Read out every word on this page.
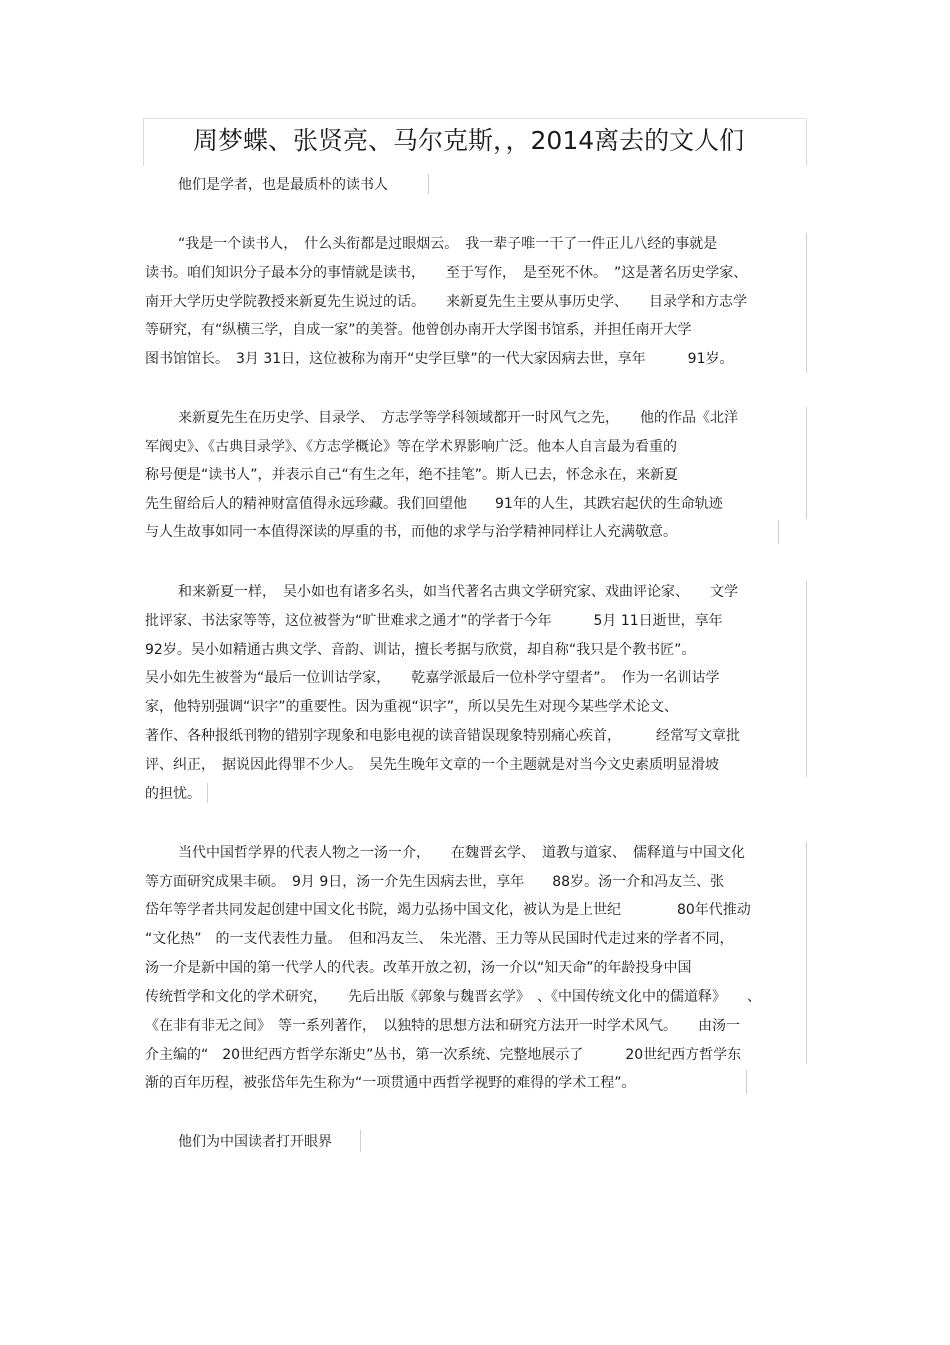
周梦蝶、张贤亮、马尔克斯，，2014离去的文人们

他们是学者，也是最质朴的读书人

“我是一个读书人，　什么头衔都是过眼烟云。　我一辈子唯一干了一件正儿八经的事就是

读书。咱们知识分子最本分的事情就是读书，　　至于写作，　是至死不休。　”这是著名历史学家、

南开大学历史学院教授来新夏先生说过的话。　　来新夏先生主要从事历史学、　　目录学和方志学

等研究，有“纵横三学，自成一家”的美誉。他曾创办南开大学图书馆系，并担任南开大学

图书馆馆长。　3月 31日，这位被称为南开“史学巨擘”的一代大家因病去世，享年　　　91岁。

来新夏先生在历史学、目录学、　方志学等学科领域都开一时风气之先，　　他的作品《北洋

军阀史》、《古典目录学》、《方志学概论》等在学术界影响广泛。他本人自言最为看重的

称号便是“读书人”，并表示自己“有生之年，绝不挂笔”。斯人已去，怀念永在，来新夏

先生留给后人的精神财富值得永远珍藏。我们回望他　　91年的人生，其跌宕起伏的生命轨迹

与人生故事如同一本值得深读的厚重的书，而他的求学与治学精神同样让人充满敬意。

和来新夏一样，　吴小如也有诸多名头，如当代著名古典文学研究家、戏曲评论家、　　文学

批评家、书法家等等，这位被誉为“旷世难求之通才”的学者于今年　　　5月 11日逝世，享年

92岁。吴小如精通古典文学、音韵、训诂，擅长考据与欣赏，却自称“我只是个教书匠”。

吴小如先生被誉为“最后一位训诂学家，　　乾嘉学派最后一位朴学守望者”。　作为一名训诂学

家，他特别强调“识字”的重要性。因为重视“识字”，所以吴先生对现今某些学术论文、

著作、各种报纸刊物的错别字现象和电影电视的读音错误现象特别痛心疾首，　　　经常写文章批

评、纠正，　据说因此得罪不少人。　吴先生晚年文章的一个主题就是对当今文史素质明显滑坡

的担忧。

当代中国哲学界的代表人物之一汤一介，　　在魏晋玄学、　道教与道家、　儒释道与中国文化

等方面研究成果丰硕。　9月 9日，汤一介先生因病去世，享年　　88岁。汤一介和冯友兰、张

岱年等学者共同发起创建中国文化书院，竭力弘扬中国文化，被认为是上世纪　　　　80年代推动

“文化热”　的一支代表性力量。　但和冯友兰、　朱光潜、王力等从民国时代走过来的学者不同，

汤一介是新中国的第一代学人的代表。改革开放之初，汤一介以“知天命”的年龄投身中国

传统哲学和文化的学术研究，　　先后出版《郭象与魏晋玄学》　、《中国传统文化中的儒道释》　　、

《在非有非无之间》　等一系列著作，　以独特的思想方法和研究方法开一时学术风气。　　由汤一

介主编的“　20世纪西方哲学东渐史”丛书，第一次系统、完整地展示了　　　20世纪西方哲学东

渐的百年历程，被张岱年先生称为“一项贯通中西哲学视野的难得的学术工程”。

他们为中国读者打开眼界
